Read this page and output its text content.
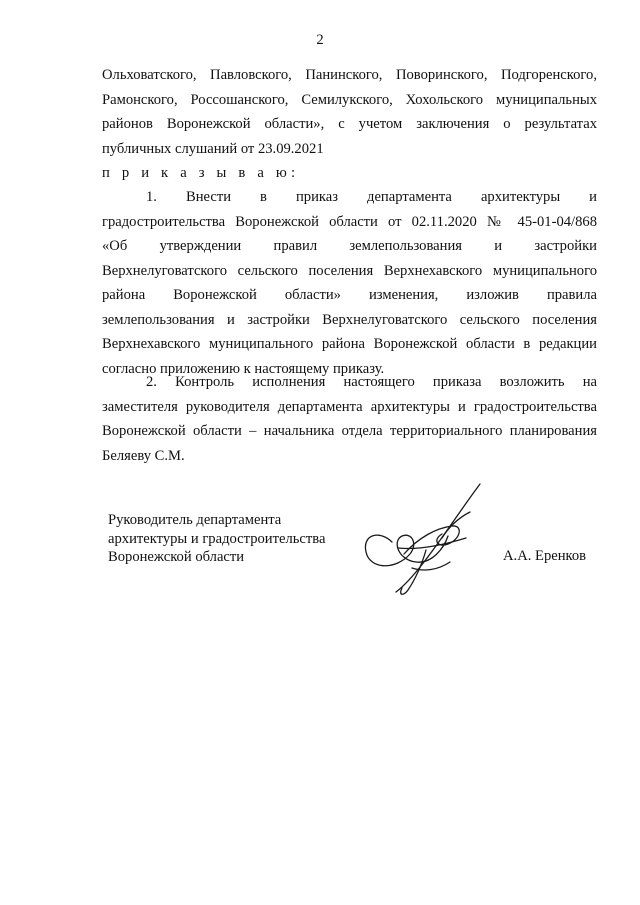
2
Ольховатского, Павловского, Панинского, Поворинского, Подгоренского,
Рамонского, Россошанского, Семилукского, Хохольского муниципальных
районов Воронежской области», с учетом заключения о результатах
публичных слушаний от 23.09.2021
п р и к а з ы в а ю:
1. Внести в приказ департамента архитектуры и
градостроительства Воронежской области от 02.11.2020 № 45-01-04/868
«Об утверждении правил землепользования и застройки
Верхнелуговатского сельского поселения Верхнехавского муниципального
района Воронежской области» изменения, изложив правила
землепользования и застройки Верхнелуговатского сельского поселения
Верхнехавского муниципального района Воронежской области в редакции
согласно приложению к настоящему приказу.
2. Контроль исполнения настоящего приказа возложить на
заместителя руководителя департамента архитектуры и градостроительства
Воронежской области – начальника отдела территориального планирования
Беляеву С.М.
Руководитель департамента
архитектуры и градостроительства
Воронежской области	А.А. Еренков
